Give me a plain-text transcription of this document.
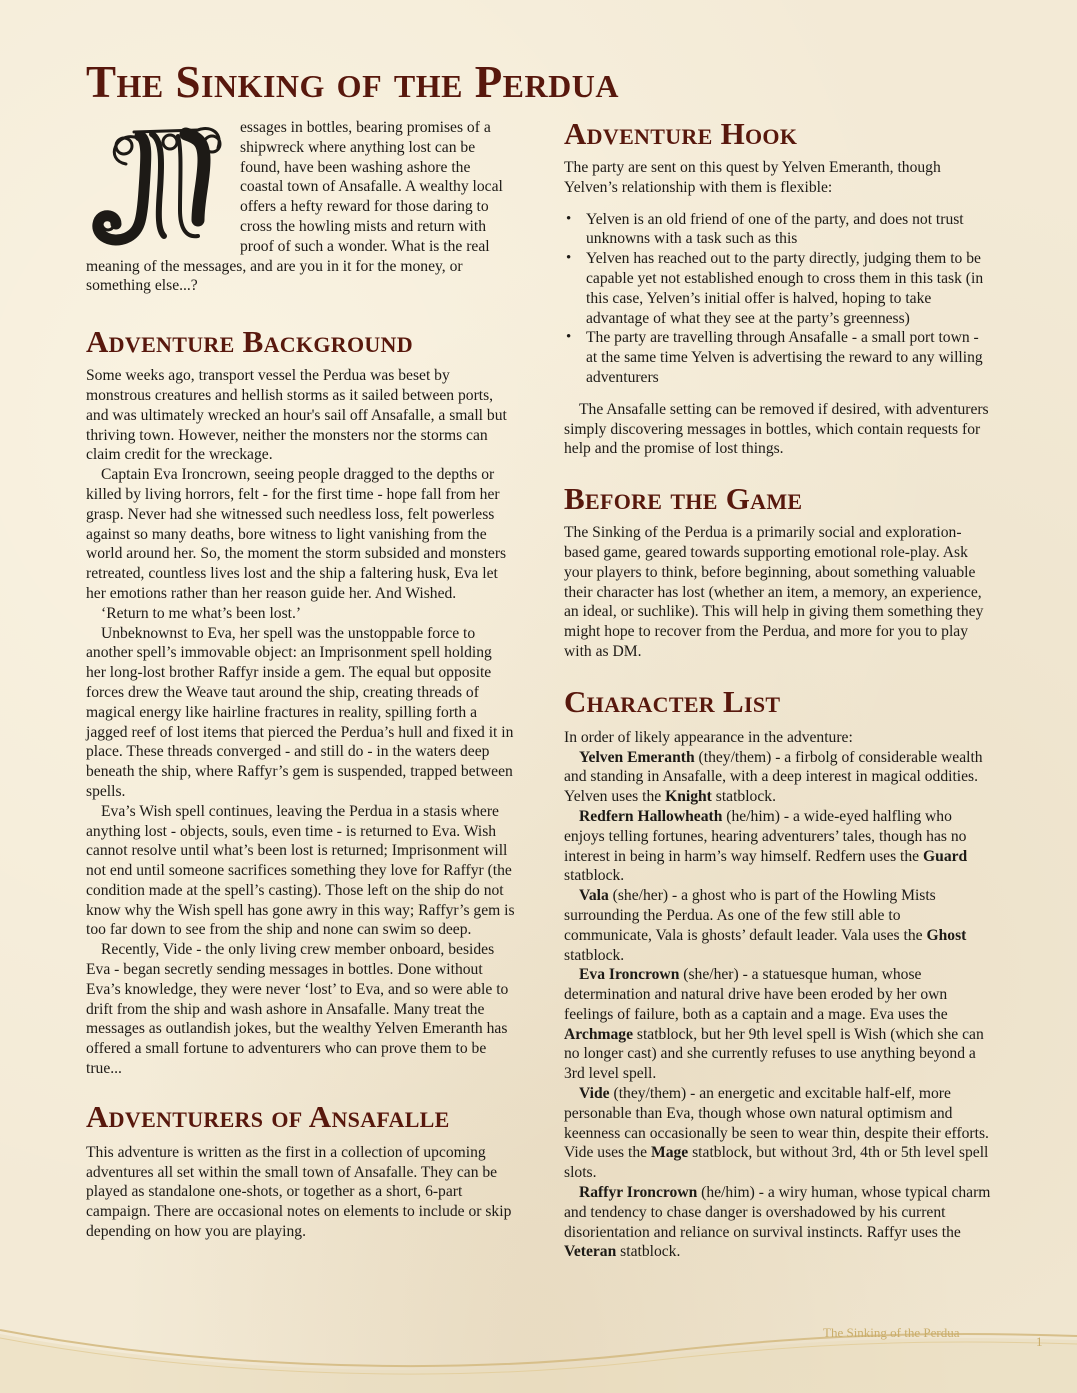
The Sinking of the Perdua

essages in bottles, bearing promises of a shipwreck where anything lost can be found, have been washing ashore the coastal town of Ansafalle. A wealthy local offers a hefty reward for those daring to cross the howling mists and return with proof of such a wonder. What is the real meaning of the messages, and are you in it for the money, or something else...?

Adventure Background

Some weeks ago, transport vessel the Perdua was beset by monstrous creatures and hellish storms as it sailed between ports, and was ultimately wrecked an hour's sail off Ansafalle, a small but thriving town. However, neither the monsters nor the storms can claim credit for the wreckage.

Captain Eva Ironcrown, seeing people dragged to the depths or killed by living horrors, felt - for the first time - hope fall from her grasp. Never had she witnessed such needless loss, felt powerless against so many deaths, bore witness to light vanishing from the world around her. So, the moment the storm subsided and monsters retreated, countless lives lost and the ship a faltering husk, Eva let her emotions rather than her reason guide her. And Wished.

‘Return to me what’s been lost.’

Unbeknownst to Eva, her spell was the unstoppable force to another spell’s immovable object: an Imprisonment spell holding her long-lost brother Raffyr inside a gem. The equal but opposite forces drew the Weave taut around the ship, creating threads of magical energy like hairline fractures in reality, spilling forth a jagged reef of lost items that pierced the Perdua’s hull and fixed it in place. These threads converged - and still do - in the waters deep beneath the ship, where Raffyr’s gem is suspended, trapped between spells.

Eva’s Wish spell continues, leaving the Perdua in a stasis where anything lost - objects, souls, even time - is returned to Eva. Wish cannot resolve until what’s been lost is returned; Imprisonment will not end until someone sacrifices something they love for Raffyr (the condition made at the spell’s casting). Those left on the ship do not know why the Wish spell has gone awry in this way; Raffyr’s gem is too far down to see from the ship and none can swim so deep.

Recently, Vide - the only living crew member onboard, besides Eva - began secretly sending messages in bottles. Done without Eva’s knowledge, they were never ‘lost’ to Eva, and so were able to drift from the ship and wash ashore in Ansafalle. Many treat the messages as outlandish jokes, but the wealthy Yelven Emeranth has offered a small fortune to adventurers who can prove them to be true...

Adventurers of Ansafalle

This adventure is written as the first in a collection of upcoming adventures all set within the small town of Ansafalle. They can be played as standalone one-shots, or together as a short, 6-part campaign. There are occasional notes on elements to include or skip depending on how you are playing.

Adventure Hook

The party are sent on this quest by Yelven Emeranth, though Yelven’s relationship with them is flexible:

• Yelven is an old friend of one of the party, and does not trust unknowns with a task such as this
• Yelven has reached out to the party directly, judging them to be capable yet not established enough to cross them in this task (in this case, Yelven’s initial offer is halved, hoping to take advantage of what they see at the party’s greenness)
• The party are travelling through Ansafalle - a small port town - at the same time Yelven is advertising the reward to any willing adventurers

The Ansafalle setting can be removed if desired, with adventurers simply discovering messages in bottles, which contain requests for help and the promise of lost things.

Before the Game

The Sinking of the Perdua is a primarily social and exploration-based game, geared towards supporting emotional role-play. Ask your players to think, before beginning, about something valuable their character has lost (whether an item, a memory, an experience, an ideal, or suchlike). This will help in giving them something they might hope to recover from the Perdua, and more for you to play with as DM.

Character List

In order of likely appearance in the adventure:

Yelven Emeranth (they/them) - a firbolg of considerable wealth and standing in Ansafalle, with a deep interest in magical oddities. Yelven uses the Knight statblock.

Redfern Hallowheath (he/him) - a wide-eyed halfling who enjoys telling fortunes, hearing adventurers’ tales, though has no interest in being in harm’s way himself. Redfern uses the Guard statblock.

Vala (she/her) - a ghost who is part of the Howling Mists surrounding the Perdua. As one of the few still able to communicate, Vala is ghosts’ default leader. Vala uses the Ghost statblock.

Eva Ironcrown (she/her) - a statuesque human, whose determination and natural drive have been eroded by her own feelings of failure, both as a captain and a mage. Eva uses the Archmage statblock, but her 9th level spell is Wish (which she can no longer cast) and she currently refuses to use anything beyond a 3rd level spell.

Vide (they/them) - an energetic and excitable half-elf, more personable than Eva, though whose own natural optimism and keenness can occasionally be seen to wear thin, despite their efforts. Vide uses the Mage statblock, but without 3rd, 4th or 5th level spell slots.

Raffyr Ironcrown (he/him) - a wiry human, whose typical charm and tendency to chase danger is overshadowed by his current disorientation and reliance on survival instincts. Raffyr uses the Veteran statblock.

The Sinking of the Perdua
1
